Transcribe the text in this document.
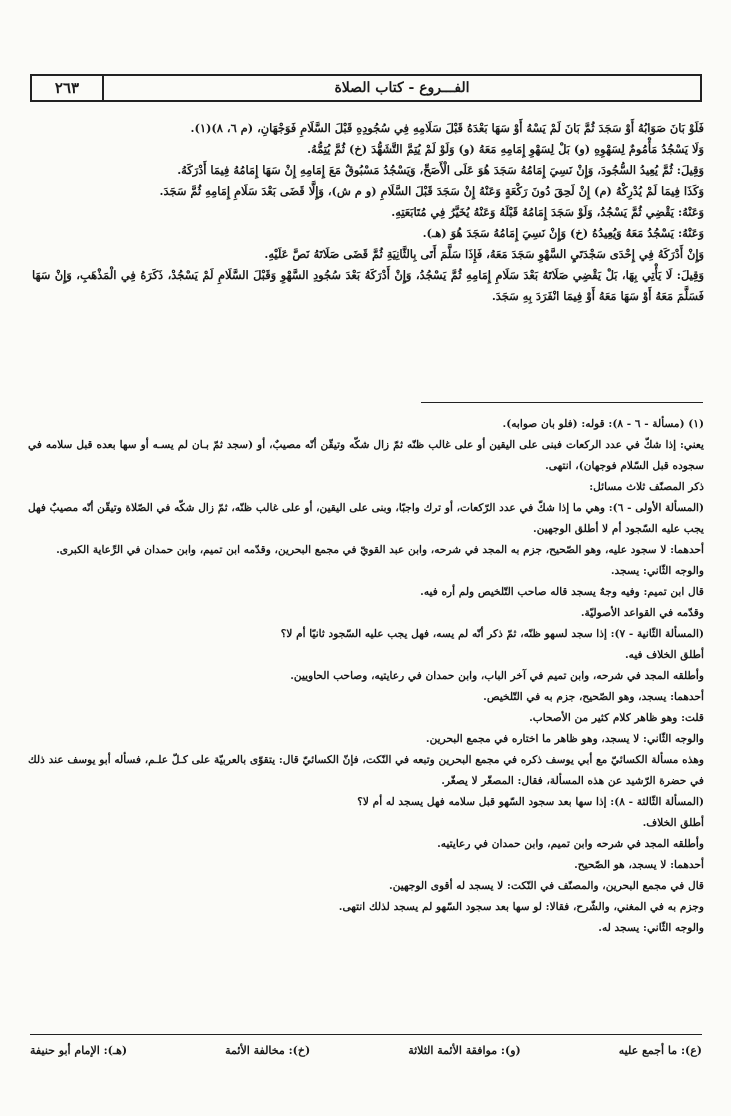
٢٦٣	الفـــروع - كتاب الصلاة

فَلَوْ بَانَ صَوَابُهُ أَوْ سَجَدَ ثُمَّ بَانَ لَمْ يَسْهُ أَوْ سَهَا بَعْدَهُ قَبْلَ سَلَامِهِ فِي سُجُودِهِ قَبْلَ السَّلَامِ فَوَجْهَانِ، (م ٦، ٨)(١).

وَلَا يَسْجُدُ مَأْمُومٌ لِسَهْوِهِ (و) بَلْ لِسَهْوِ إِمَامِهِ مَعَهُ (و) وَلَوْ لَمْ يُتِمَّ التَّشَهُّدَ (خ) ثُمَّ يُتِمُّهُ.

وَقِيلَ: ثُمَّ يُعِيدُ السُّجُودَ، وَإِنْ نَسِيَ إِمَامُهُ سَجَدَ هُوَ عَلَى الْأَصَحِّ، وَيَسْجُدُ مَسْبُوقٌ مَعَ إِمَامِهِ إِنْ سَهَا إِمَامُهُ فِيمَا أَدْرَكَهُ.

وَكَذَا فِيمَا لَمْ يُدْرِكْهُ (م) إِنْ لَحِقَ دُونَ رَكْعَةٍ وَعَنْهُ إِنْ سَجَدَ قَبْلَ السَّلَامِ (و م ش)، وَإِلَّا قَضَى بَعْدَ سَلَامِ إِمَامِهِ ثُمَّ سَجَدَ.

وَعَنْهُ: يَقْضِي ثُمَّ يَسْجُدُ، وَلَوْ سَجَدَ إِمَامُهُ قَبْلَهُ وَعَنْهُ يُخَيَّرُ فِي مُتَابَعَتِهِ.

وَعَنْهُ: يَسْجُدُ مَعَهُ وَيُعِيدُهُ (خ) وَإِنْ نَسِيَ إِمَامُهُ سَجَدَ هُوَ (هـ).

وَإِنْ أَدْرَكَهُ فِي إِحْدَى سَجْدَتَيِ السَّهْوِ سَجَدَ مَعَهُ، فَإِذَا سَلَّمَ أَتَى بِالثَّانِيَةِ ثُمَّ قَضَى صَلَاتَهُ نَصَّ عَلَيْهِ.

وَقِيلَ: لَا يَأْتِي بِهَا، بَلْ يَقْضِي صَلَاتَهُ بَعْدَ سَلَامِ إِمَامِهِ ثُمَّ يَسْجُدُ، وَإِنْ أَدْرَكَهُ بَعْدَ سُجُودِ السَّهْوِ وَقَبْلَ السَّلَامِ لَمْ يَسْجُدْ، ذَكَرَهُ فِي الْمَذْهَبِ، وَإِنْ سَهَا فَسَلَّمَ مَعَهُ أَوْ سَهَا مَعَهُ أَوْ فِيمَا انْفَرَدَ بِهِ سَجَدَ.

(١) (مسألة - ٦ - ٨): قوله: (فلو بان صوابه).

يعني: إذا شكّ في عدد الركعات فبنى على اليقين أو على غالب ظنّه ثمّ زال شكّه وتيقّن أنّه مصيبٌ، أو (سجد ثمّ بـان لم يسـه أو سها بعده قبل سلامه في سجوده قبل السّلام فوجهان)، انتهى.

ذكر المصنّف ثلاث مسائل:

(المسألة الأولى - ٦): وهي ما إذا شكّ في عدد الرّكعات، أو ترك واجبًا، وبنى على اليقين، أو على غالب ظنّه، ثمّ زال شكّه في الصّلاة وتيقّن أنّه مصيبٌ فهل يجب عليه السّجود أم لا أطلق الوجهين.

أحدهما: لا سجود عليه، وهو الصّحيح، جزم به المجد في شرحه، وابن عبد القويّ في مجمع البحرين، وقدّمه ابن تميم، وابن حمدان في الرِّعاية الكبرى.

والوجه الثّاني: يسجد.

قال ابن تميم: وفيه وجهٌ يسجد قاله صاحب التّلخيص ولم أره فيه.

وقدّمه في القواعد الأصوليّة.

(المسألة الثّانية - ٧): إذا سجد لسهو ظنّه، ثمّ ذكر أنّه لم يسه، فهل يجب عليه السّجود ثانيًا أم لا؟

أطلق الخلاف فيه.

وأطلقه المجد في شرحه، وابن تميم في آخر الباب، وابن حمدان في رعايتيه، وصاحب الحاويين.

أحدهما: يسجد، وهو الصّحيح، جزم به في التّلخيص.

قلت: وهو ظاهر كلام كثير من الأصحاب.

والوجه الثّاني: لا يسجد، وهو ظاهر ما اختاره في مجمع البحرين.

وهذه مسألة الكسائيّ مع أبي يوسف ذكره في مجمع البحرين وتبعه في النّكت، فإنّ الكسائيّ قال: يتقوّى بالعربيّة على كـلّ علـم، فسأله أبو يوسف عند ذلك في حضرة الرّشيد عن هذه المسألة، فقال: المصغّر لا يصغّر.

(المسألة الثّالثة - ٨): إذا سها بعد سجود السّهو قبل سلامه فهل يسجد له أم لا؟

أطلق الخلاف.

وأطلقه المجد في شرحه وابن تميم، وابن حمدان في رعايتيه.

أحدهما: لا يسجد، هو الصّحيح.

قال في مجمع البحرين، والمصنّف في النّكت: لا يسجد له أقوى الوجهين.

وجزم به في المغني، والشّرح، فقالا: لو سها بعد سجود السّهو لم يسجد لذلك انتهى.

والوجه الثّاني: يسجد له.

(ع): ما أجمع عليه
(و): موافقة الأئمة الثلاثة
(خ): مخالفة الأئمة
(هـ): الإمام أبو حنيفة
